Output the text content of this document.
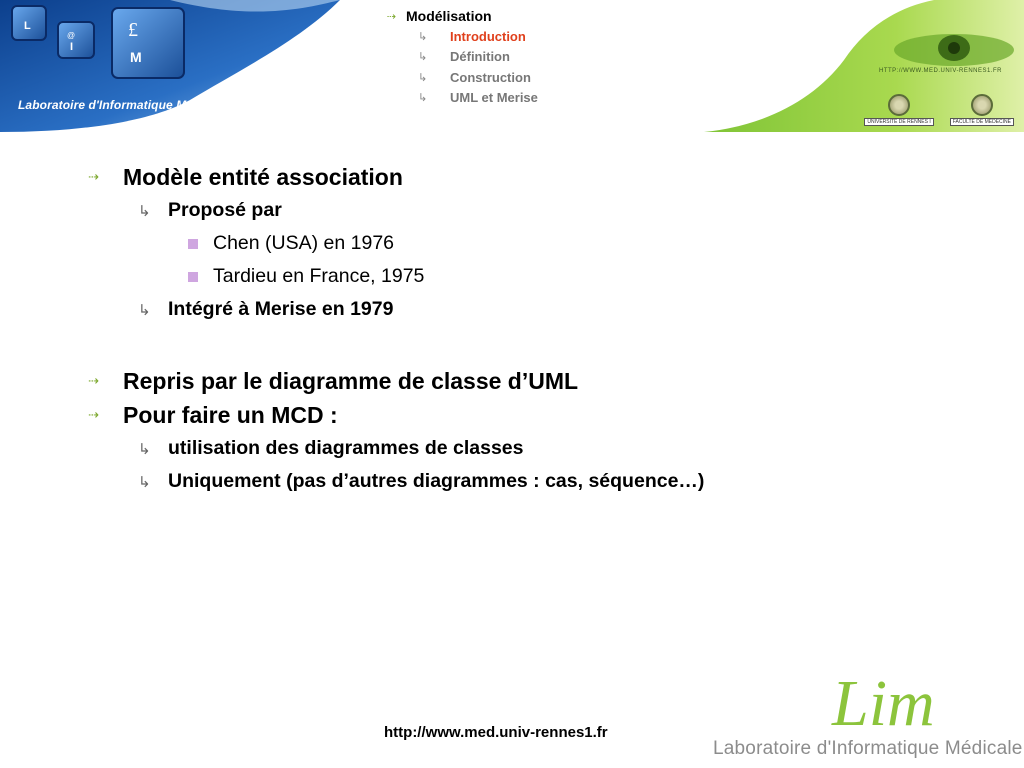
L
@
I
£
M
Laboratoire d'Informatique Médicale
HTTP://WWW.MED.UNIV-RENNES1.FR
UNIVERSITÉ DE RENNES I	FACULTÉ DE MÉDECINE
⇢ Modélisation
↳	Introduction
↳	Définition
↳	Construction
↳	UML et Merise
⇢	Modèle entité association
↳ Proposé par
Chen (USA) en 1976
Tardieu en France, 1975
↳ Intégré à Merise en 1979
⇢	Repris par le diagramme de classe d’UML
⇢	Pour faire un MCD :
↳ utilisation des diagrammes de classes
↳ Uniquement (pas d’autres diagrammes : cas, séquence…)
http://www.med.univ-rennes1.fr	Lim
Laboratoire d'Informatique Médicale
